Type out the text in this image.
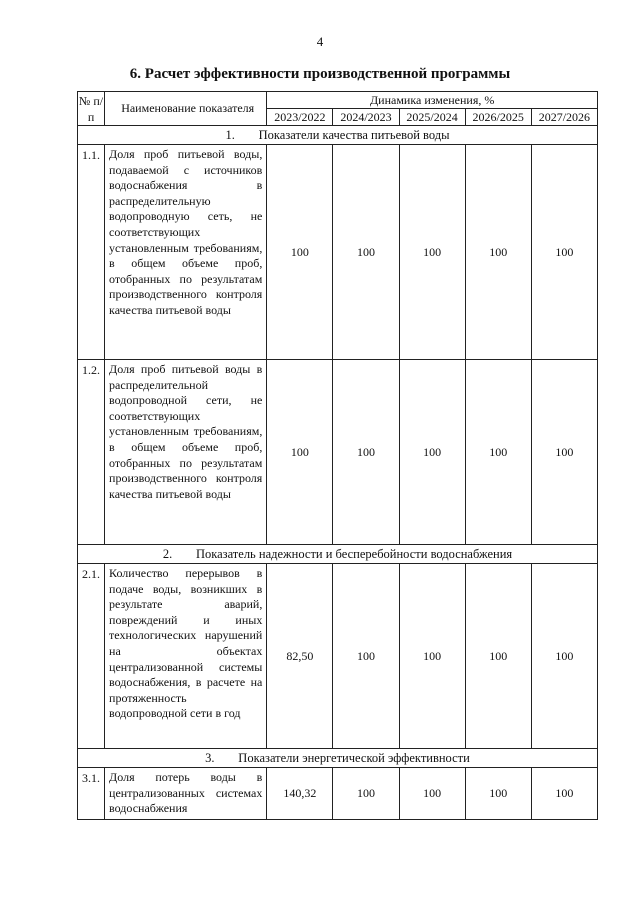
4
6. Расчет эффективности производственной программы
№ п/п	Наименование показателя	Динамика изменения, %				
		2023/2022	2024/2023	2025/2024	2026/2025	2027/2026
1. Показатели качества питьевой воды						
1.1.	Доля проб питьевой воды, подаваемой с источников водоснабжения в распределительную водопроводную сеть, не соответствующих установленным требованиям, в общем объеме проб, отобранных по результатам производственного контроля качества питьевой воды	100	100	100	100	100
1.2.	Доля проб питьевой воды в распределительной водопроводной сети, не соответствующих установленным требованиям, в общем объеме проб, отобранных по результатам производственного контроля качества питьевой воды	100	100	100	100	100
2. Показатель надежности и бесперебойности водоснабжения						
2.1.	Количество перерывов в подаче воды, возникших в результате аварий, повреждений и иных технологических нарушений на объектах централизованной системы водоснабжения, в расчете на протяженность водопроводной сети в год	82,50	100	100	100	100
3. Показатели энергетической эффективности						
3.1.	Доля потерь воды в централизованных системах водоснабжения	140,32	100	100	100	100
